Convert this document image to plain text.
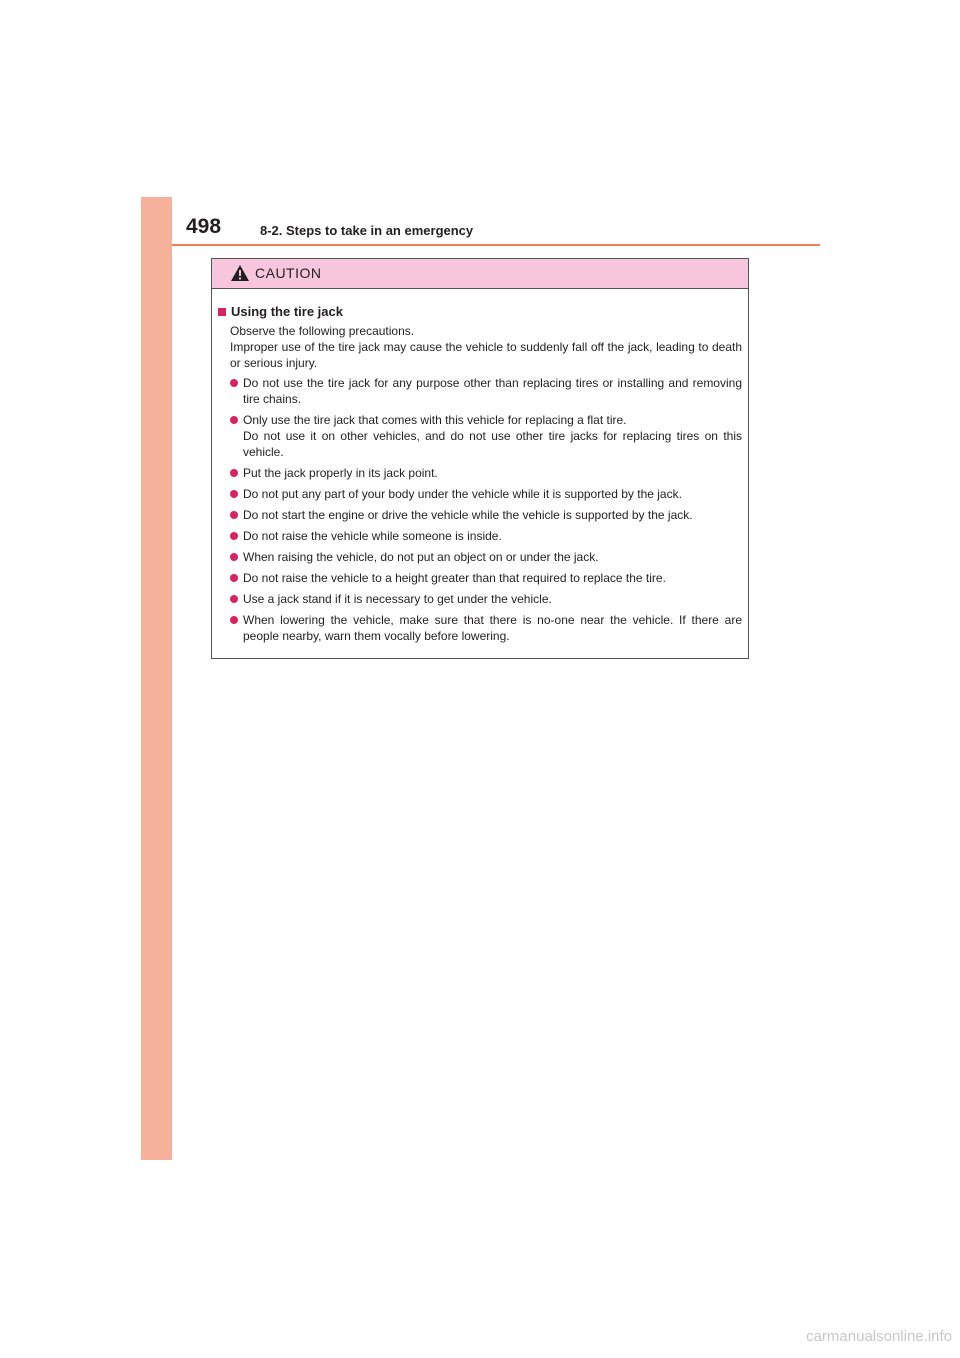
498	8-2. Steps to take in an emergency
CAUTION
Using the tire jack
Observe the following precautions.
Improper use of the tire jack may cause the vehicle to suddenly fall off the jack, leading to death or serious injury.
Do not use the tire jack for any purpose other than replacing tires or installing and removing tire chains.
Only use the tire jack that comes with this vehicle for replacing a flat tire.
Do not use it on other vehicles, and do not use other tire jacks for replacing tires on this vehicle.
Put the jack properly in its jack point.
Do not put any part of your body under the vehicle while it is supported by the jack.
Do not start the engine or drive the vehicle while the vehicle is supported by the jack.
Do not raise the vehicle while someone is inside.
When raising the vehicle, do not put an object on or under the jack.
Do not raise the vehicle to a height greater than that required to replace the tire.
Use a jack stand if it is necessary to get under the vehicle.
When lowering the vehicle, make sure that there is no-one near the vehicle. If there are people nearby, warn them vocally before lowering.
carmanualsonline.info
